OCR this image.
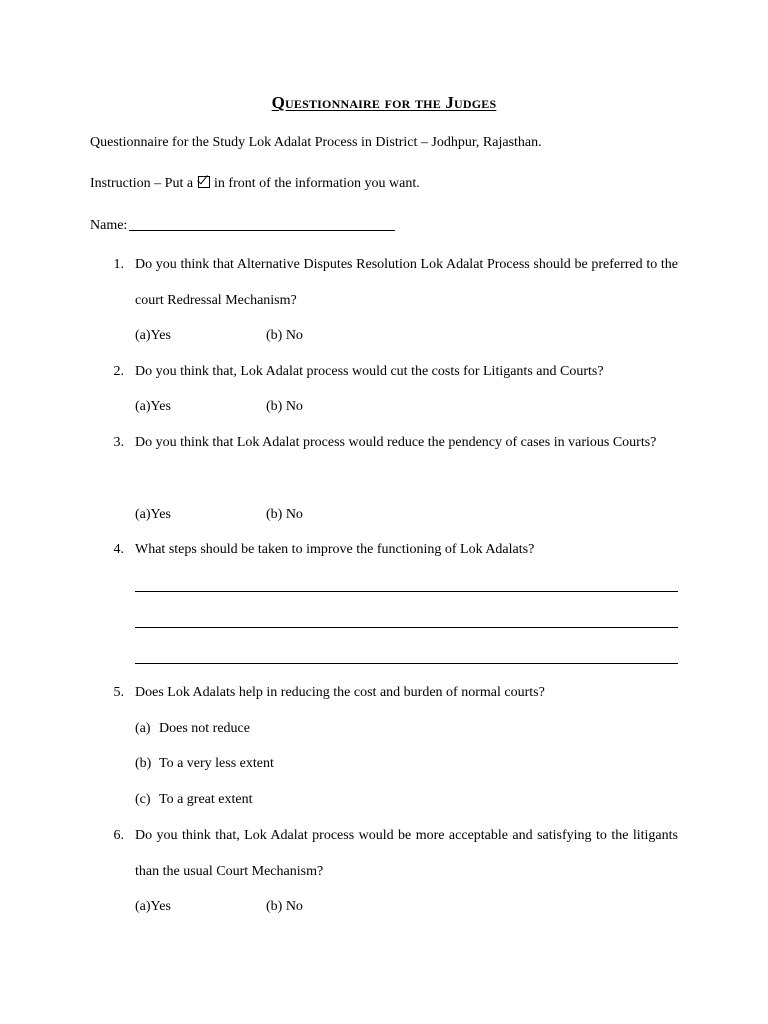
Questionnaire for the Judges

Questionnaire for the Study Lok Adalat Process in District – Jodhpur, Rajasthan.

Instruction – Put a in front of the information you want.

Name:

1. Do you think that Alternative Disputes Resolution Lok Adalat Process should be preferred to the court Redressal Mechanism?

(a)Yes	(b) No
2. Do you think that, Lok Adalat process would cut the costs for Litigants and Courts?

(a)Yes	(b) No
3. Do you think that Lok Adalat process would reduce the pendency of cases in various Courts?

(a)Yes	(b) No
4. What steps should be taken to improve the functioning of Lok Adalats?

5. Does Lok Adalats help in reducing the cost and burden of normal courts?

(a) Does not reduce
(b) To a very less extent
(c) To a great extent
6. Do you think that, Lok Adalat process would be more acceptable and satisfying to the litigants than the usual Court Mechanism?

(a)Yes	(b) No
